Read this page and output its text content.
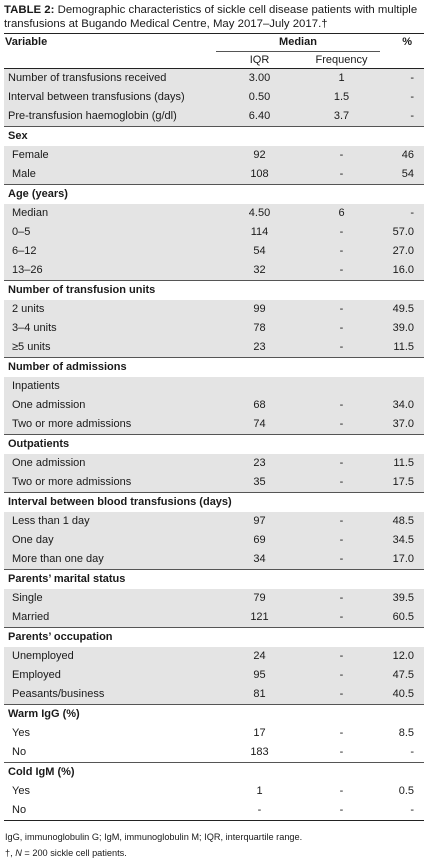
TABLE 2: Demographic characteristics of sickle cell disease patients with multiple transfusions at Bugando Medical Centre, May 2017–July 2017.†
Variable	Median		%
	IQR	Frequency	
Number of transfusions received	3.00	1	-
Interval between transfusions (days)	0.50	1.5	-
Pre-transfusion haemoglobin (g/dl)	6.40	3.7	-
Sex			
Female	92	-	46
Male	108	-	54
Age (years)			
Median	4.50	6	-
0–5	114	-	57.0
6–12	54	-	27.0
13–26	32	-	16.0
Number of transfusion units			
2 units	99	-	49.5
3–4 units	78	-	39.0
≥5 units	23	-	11.5
Number of admissions			
Inpatients			
One admission	68	-	34.0
Two or more admissions	74	-	37.0
Outpatients			
One admission	23	-	11.5
Two or more admissions	35	-	17.5
Interval between blood transfusions (days)			
Less than 1 day	97	-	48.5
One day	69	-	34.5
More than one day	34	-	17.0
Parents’ marital status			
Single	79	-	39.5
Married	121	-	60.5
Parents’ occupation			
Unemployed	24	-	12.0
Employed	95	-	47.5
Peasants/business	81	-	40.5
Warm IgG (%)			
Yes	17	-	8.5
No	183	-	-
Cold IgM (%)			
Yes	1	-	0.5
No	-	-	-
IgG, immunoglobulin G; IgM, immunoglobulin M; IQR, interquartile range.
†, N = 200 sickle cell patients.
